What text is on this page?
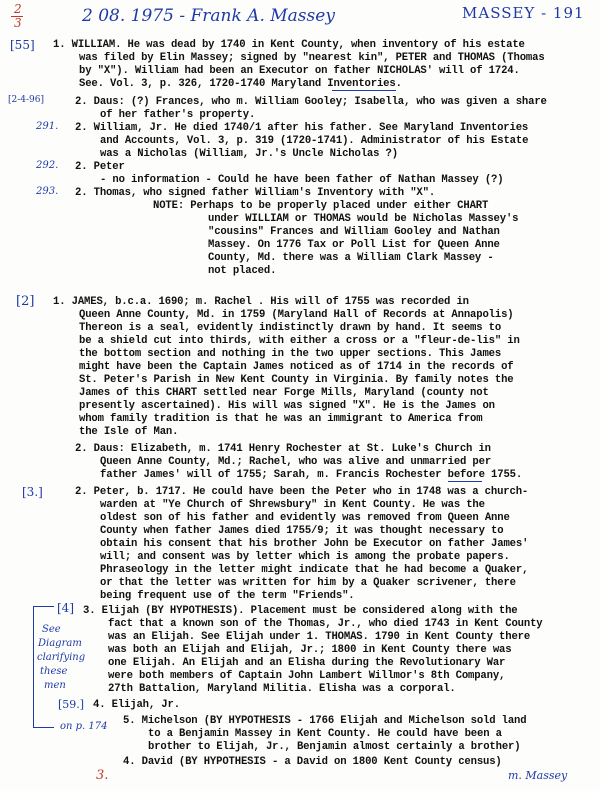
2
3	2 08. 1975 - Frank A. Massey	MASSEY - 191
[55]
[2-4-96]
291.
292.
293.
[2]
[3.]
[4]
[59.]
See
Diagram
clarifying
these
men
on p. 174
3.	m. Massey
1. WILLIAM. He was dead by 1740 in Kent County, when inventory of his estate
was filed by Elin Massey; signed by "nearest kin", PETER and THOMAS (Thomas
by "X"). William had been an Executor on father NICHOLAS' will of 1724.
See. Vol. 3, p. 326, 1720-1740 Maryland Inventories.
2. Daus: (?) Frances, who m. William Gooley; Isabella, who was given a share
of her father's property.
2. William, Jr. He died 1740/1 after his father. See Maryland Inventories
and Accounts, Vol. 3, p. 319 (1720-1741). Administrator of his Estate
was a Nicholas (William, Jr.'s Uncle Nicholas ?)
2. Peter
- no information - Could he have been father of Nathan Massey (?)
2. Thomas, who signed father William's Inventory with "X".
NOTE: Perhaps to be properly placed under either CHART
under WILLIAM or THOMAS would be Nicholas Massey's
"cousins" Frances and William Gooley and Nathan
Massey. On 1776 Tax or Poll List for Queen Anne
County, Md. there was a William Clark Massey -
not placed.
1. JAMES, b.c.a. 1690; m. Rachel . His will of 1755 was recorded in
Queen Anne County, Md. in 1759 (Maryland Hall of Records at Annapolis)
Thereon is a seal, evidently indistinctly drawn by hand. It seems to
be a shield cut into thirds, with either a cross or a "fleur-de-lis" in
the bottom section and nothing in the two upper sections. This James
might have been the Captain James noticed as of 1714 in the records of
St. Peter's Parish in New Kent County in Virginia. By family notes the
James of this CHART settled near Forge Mills, Maryland (county not
presently ascertained). His will was signed "X". He is the James on
whom family tradition is that he was an immigrant to America from
the Isle of Man.
2. Daus: Elizabeth, m. 1741 Henry Rochester at St. Luke's Church in
Queen Anne County, Md.; Rachel, who was alive and unmarried per
father James' will of 1755; Sarah, m. Francis Rochester before 1755.
2. Peter, b. 1717. He could have been the Peter who in 1748 was a church-
warden at "Ye Church of Shrewsbury" in Kent County. He was the
oldest son of his father and evidently was removed from Queen Anne
County when father James died 1755/9; it was thought necessary to
obtain his consent that his brother John be Executor on father James'
will; and consent was by letter which is among the probate papers.
Phraseology in the letter might indicate that he had become a Quaker,
or that the letter was written for him by a Quaker scrivener, there
being frequent use of the term "Friends".
3. Elijah (BY HYPOTHESIS). Placement must be considered along with the
fact that a known son of the Thomas, Jr., who died 1743 in Kent County
was an Elijah. See Elijah under 1. THOMAS. 1790 in Kent County there
was both an Elijah and Elijah, Jr.; 1800 in Kent County there was
one Elijah. An Elijah and an Elisha during the Revolutionary War
were both members of Captain John Lambert Willmor's 8th Company,
27th Battalion, Maryland Militia. Elisha was a corporal.
4. Elijah, Jr.
5. Michelson (BY HYPOTHESIS - 1766 Elijah and Michelson sold land
to a Benjamin Massey in Kent County. He could have been a
brother to Elijah, Jr., Benjamin almost certainly a brother)
4. David (BY HYPOTHESIS - a David on 1800 Kent County census)
